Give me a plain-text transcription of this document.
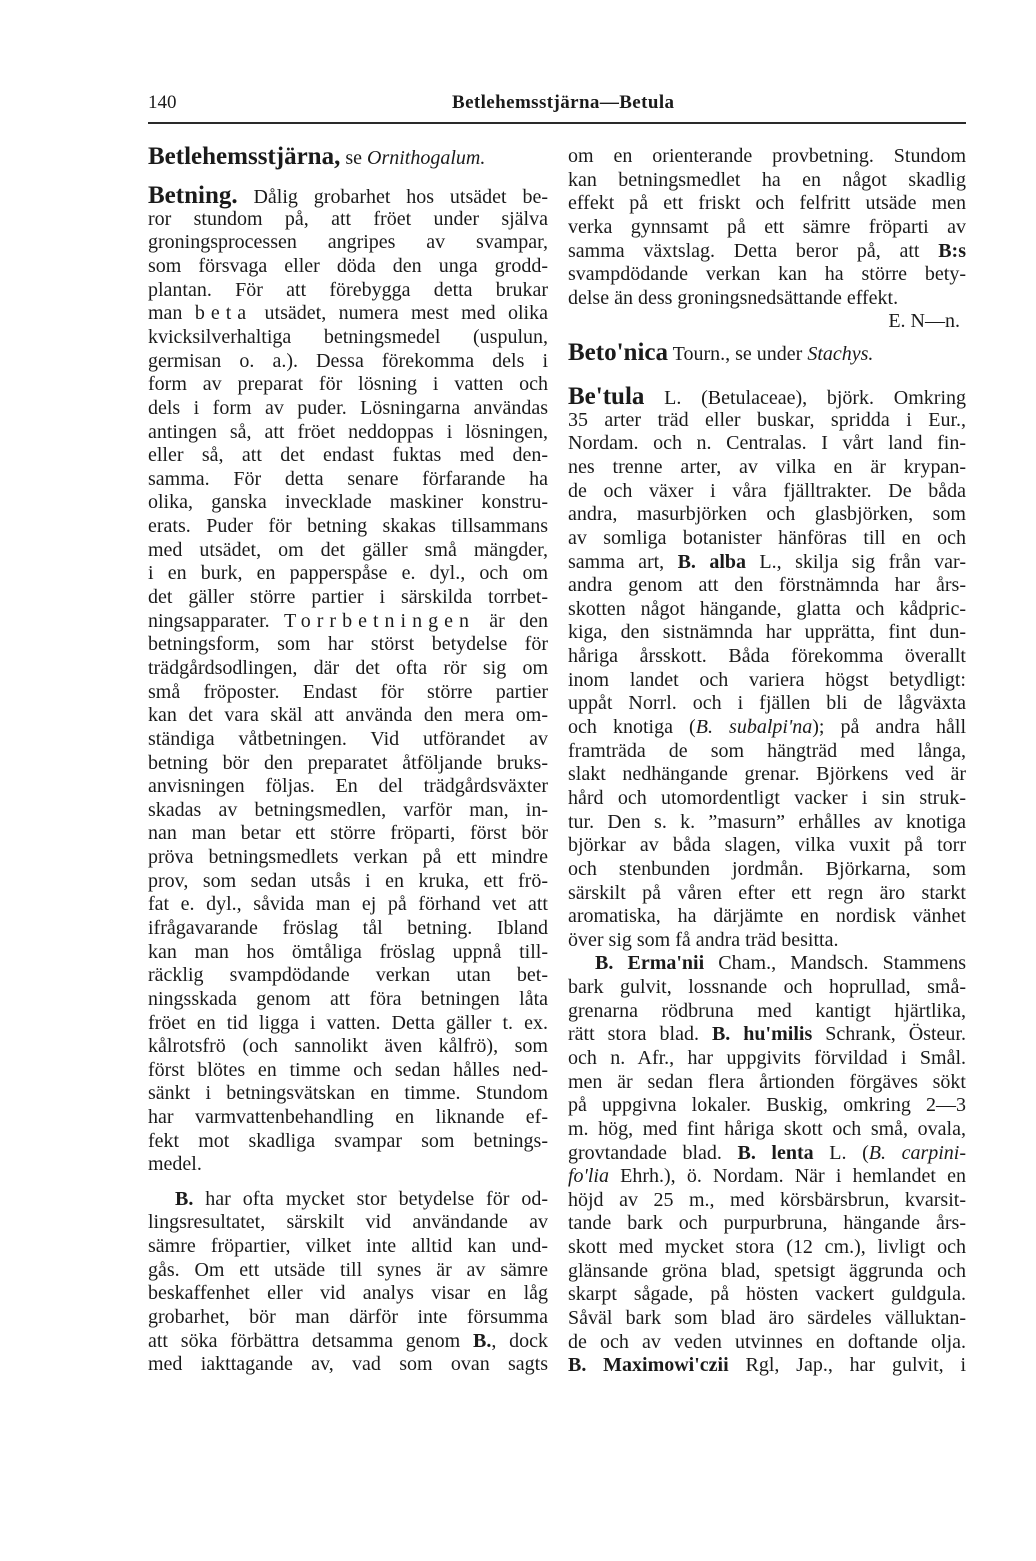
140	Betlehemsstjärna—Betula
Betlehemsstjärna, se Ornithogalum.
Betning. Dålig grobarhet hos utsädet be-
ror stundom på, att fröet under själva
groningsprocessen angripes av svampar,
som försvaga eller döda den unga grodd-
plantan. För att förebygga detta brukar
man beta utsädet, numera mest med olika
kvicksilverhaltiga betningsmedel (uspulun,
germisan o. a.). Dessa förekomma dels i
form av preparat för lösning i vatten och
dels i form av puder. Lösningarna användas
antingen så, att fröet neddoppas i lösningen,
eller så, att det endast fuktas med den-
samma. För detta senare förfarande ha
olika, ganska invecklade maskiner konstru-
erats. Puder för betning skakas tillsammans
med utsädet, om det gäller små mängder,
i en burk, en papperspåse e. dyl., och om
det gäller större partier i särskilda torrbet-
ningsapparater. Torrbetningen är den
betningsform, som har störst betydelse för
trädgårdsodlingen, där det ofta rör sig om
små fröposter. Endast för större partier
kan det vara skäl att använda den mera om-
ständiga våtbetningen. Vid utförandet av
betning bör den preparatet åtföljande bruks-
anvisningen följas. En del trädgårdsväxter
skadas av betningsmedlen, varför man, in-
nan man betar ett större fröparti, först bör
pröva betningsmedlets verkan på ett mindre
prov, som sedan utsås i en kruka, ett frö-
fat e. dyl., såvida man ej på förhand vet att
ifrågavarande fröslag tål betning. Ibland
kan man hos ömtåliga fröslag uppnå till-
räcklig svampdödande verkan utan bet-
ningsskada genom att föra betningen låta
fröet en tid ligga i vatten. Detta gäller t. ex.
kålrotsfrö (och sannolikt även kålfrö), som
först blötes en timme och sedan hålles ned-
sänkt i betningsvätskan en timme. Stundom
har varmvattenbehandling en liknande ef-
fekt mot skadliga svampar som betnings-
medel.
B. har ofta mycket stor betydelse för od-
lingsresultatet, särskilt vid användande av
sämre fröpartier, vilket inte alltid kan und-
gås. Om ett utsäde till synes är av sämre
beskaffenhet eller vid analys visar en låg
grobarhet, bör man därför inte försumma
att söka förbättra detsamma genom B., dock
med iakttagande av, vad som ovan sagts
om en orienterande provbetning. Stundom
kan betningsmedlet ha en något skadlig
effekt på ett friskt och felfritt utsäde men
verka gynnsamt på ett sämre fröparti av
samma växtslag. Detta beror på, att B:s
svampdödande verkan kan ha större bety-
delse än dess groningsnedsättande effekt.
E. N—n.
Beto'nica Tourn., se under Stachys.
Be'tula L. (Betulaceae), björk. Omkring
35 arter träd eller buskar, spridda i Eur.,
Nordam. och n. Centralas. I vårt land fin-
nes trenne arter, av vilka en är krypan-
de och växer i våra fjälltrakter. De båda
andra, masurbjörken och glasbjörken, som
av somliga botanister hänföras till en och
samma art, B. alba L., skilja sig från var-
andra genom att den förstnämnda har års-
skotten något hängande, glatta och kådpric-
kiga, den sistnämnda har upprätta, fint dun-
håriga årsskott. Båda förekomma överallt
inom landet och variera högst betydligt:
uppåt Norrl. och i fjällen bli de lågväxta
och knotiga (B. subalpi'na); på andra håll
framträda de som hängträd med långa,
slakt nedhängande grenar. Björkens ved är
hård och utomordentligt vacker i sin struk-
tur. Den s. k. ”masurn” erhålles av knotiga
björkar av båda slagen, vilka vuxit på torr
och stenbunden jordmån. Björkarna, som
särskilt på våren efter ett regn äro starkt
aromatiska, ha därjämte en nordisk vänhet
över sig som få andra träd besitta.
B. Erma'nii Cham., Mandsch. Stammens
bark gulvit, lossnande och hoprullad, små-
grenarna rödbruna med kantigt hjärtlika,
rätt stora blad. B. hu'milis Schrank, Östeur.
och n. Afr., har uppgivits förvildad i Smål.
men är sedan flera årtionden förgäves sökt
på uppgivna lokaler. Buskig, omkring 2—3
m. hög, med fint håriga skott och små, ovala,
grovtandade blad. B. lenta L. (B. carpini-
fo'lia Ehrh.), ö. Nordam. När i hemlandet en
höjd av 25 m., med körsbärsbrun, kvarsit-
tande bark och purpurbruna, hängande års-
skott med mycket stora (12 cm.), livligt och
glänsande gröna blad, spetsigt äggrunda och
skarpt sågade, på hösten vackert guldgula.
Såväl bark som blad äro särdeles välluktan-
de och av veden utvinnes en doftande olja.
B. Maximowi'czii Rgl, Jap., har gulvit, i
